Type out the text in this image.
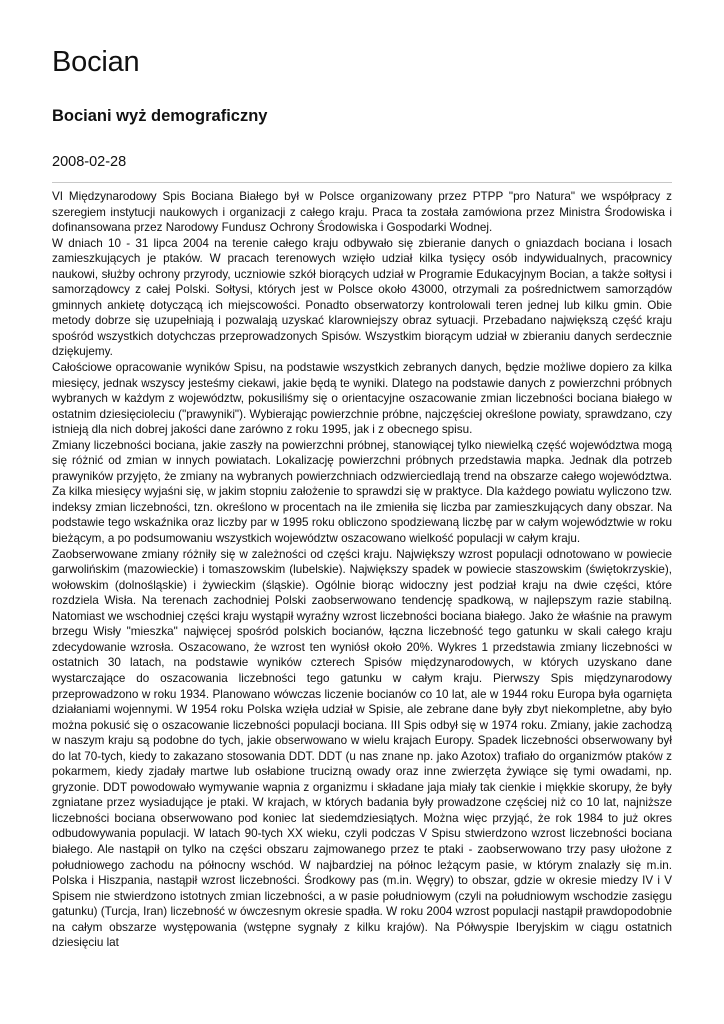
Bocian
Bociani wyż demograficzny
2008-02-28

VI Międzynarodowy Spis Bociana Białego był w Polsce organizowany przez PTPP "pro Natura" we współpracy z szeregiem instytucji naukowych i organizacji z całego kraju. Praca ta została zamówiona przez Ministra Środowiska i dofinansowana przez Narodowy Fundusz Ochrony Środowiska i Gospodarki Wodnej.

W dniach 10 - 31 lipca 2004 na terenie całego kraju odbywało się zbieranie danych o gniazdach bociana i losach zamieszkujących je ptaków. W pracach terenowych wzięło udział kilka tysięcy osób indywidualnych, pracownicy naukowi, służby ochrony przyrody, uczniowie szkół biorących udział w Programie Edukacyjnym Bocian, a także sołtysi i samorządowcy z całej Polski. Sołtysi, których jest w Polsce około 43000, otrzymali za pośrednictwem samorządów gminnych ankietę dotyczącą ich miejscowości. Ponadto obserwatorzy kontrolowali teren jednej lub kilku gmin. Obie metody dobrze się uzupełniają i pozwalają uzyskać klarowniejszy obraz sytuacji. Przebadano największą część kraju spośród wszystkich dotychczas przeprowadzonych Spisów. Wszystkim biorącym udział w zbieraniu danych serdecznie dziękujemy.

Całościowe opracowanie wyników Spisu, na podstawie wszystkich zebranych danych, będzie możliwe dopiero za kilka miesięcy, jednak wszyscy jesteśmy ciekawi, jakie będą te wyniki. Dlatego na podstawie danych z powierzchni próbnych wybranych w każdym z województw, pokusiliśmy się o orientacyjne oszacowanie zmian liczebności bociana białego w ostatnim dziesięcioleciu ("prawyniki"). Wybierając powierzchnie próbne, najczęściej określone powiaty, sprawdzano, czy istnieją dla nich dobrej jakości dane zarówno z roku 1995, jak i z obecnego spisu.

Zmiany liczebności bociana, jakie zaszły na powierzchni próbnej, stanowiącej tylko niewielką część województwa mogą się różnić od zmian w innych powiatach. Lokalizację powierzchni próbnych przedstawia mapka. Jednak dla potrzeb prawyników przyjęto, że zmiany na wybranych powierzchniach odzwierciedlają trend na obszarze całego województwa. Za kilka miesięcy wyjaśni się, w jakim stopniu założenie to sprawdzi się w praktyce. Dla każdego powiatu wyliczono tzw. indeksy zmian liczebności, tzn. określono w procentach na ile zmieniła się liczba par zamieszkujących dany obszar. Na podstawie tego wskaźnika oraz liczby par w 1995 roku obliczono spodziewaną liczbę par w całym województwie w roku bieżącym, a po podsumowaniu wszystkich województw oszacowano wielkość populacji w całym kraju.

Zaobserwowane zmiany różniły się w zależności od części kraju. Największy wzrost populacji odnotowano w powiecie garwolińskim (mazowieckie) i tomaszowskim (lubelskie). Największy spadek w powiecie staszowskim (świętokrzyskie), wołowskim (dolnośląskie) i żywieckim (śląskie). Ogólnie biorąc widoczny jest podział kraju na dwie części, które rozdziela Wisła. Na terenach zachodniej Polski zaobserwowano tendencję spadkową, w najlepszym razie stabilną. Natomiast we wschodniej części kraju wystąpił wyraźny wzrost liczebności bociana białego. Jako że właśnie na prawym brzegu Wisły "mieszka" najwięcej spośród polskich bocianów, łączna liczebność tego gatunku w skali całego kraju zdecydowanie wzrosła. Oszacowano, że wzrost ten wyniósł około 20%. Wykres 1 przedstawia zmiany liczebności w ostatnich 30 latach, na podstawie wyników czterech Spisów międzynarodowych, w których uzyskano dane wystarczające do oszacowania liczebności tego gatunku w całym kraju. Pierwszy Spis międzynarodowy przeprowadzono w roku 1934. Planowano wówczas liczenie bocianów co 10 lat, ale w 1944 roku Europa była ogarnięta działaniami wojennymi. W 1954 roku Polska wzięła udział w Spisie, ale zebrane dane były zbyt niekompletne, aby było można pokusić się o oszacowanie liczebności populacji bociana. III Spis odbył się w 1974 roku. Zmiany, jakie zachodzą w naszym kraju są podobne do tych, jakie obserwowano w wielu krajach Europy. Spadek liczebności obserwowany był do lat 70-tych, kiedy to zakazano stosowania DDT. DDT (u nas znane np. jako Azotox) trafiało do organizmów ptaków z pokarmem, kiedy zjadały martwe lub osłabione trucizną owady oraz inne zwierzęta żywiące się tymi owadami, np. gryzonie. DDT powodowało wymywanie wapnia z organizmu i składane jaja miały tak cienkie i miękkie skorupy, że były zgniatane przez wysiadujące je ptaki. W krajach, w których badania były prowadzone częściej niż co 10 lat, najniższe liczebności bociana obserwowano pod koniec lat siedemdziesiątych. Można więc przyjąć, że rok 1984 to już okres odbudowywania populacji. W latach 90-tych XX wieku, czyli podczas V Spisu stwierdzono wzrost liczebności bociana białego. Ale nastąpił on tylko na części obszaru zajmowanego przez te ptaki - zaobserwowano trzy pasy ułożone z południowego zachodu na północny wschód. W najbardziej na północ leżącym pasie, w którym znalazły się m.in. Polska i Hiszpania, nastąpił wzrost liczebności. Środkowy pas (m.in. Węgry) to obszar, gdzie w okresie miedzy IV i V Spisem nie stwierdzono istotnych zmian liczebności, a w pasie południowym (czyli na południowym wschodzie zasięgu gatunku) (Turcja, Iran) liczebność w ówczesnym okresie spadła. W roku 2004 wzrost populacji nastąpił prawdopodobnie na całym obszarze występowania (wstępne sygnały z kilku krajów). Na Półwyspie Iberyjskim w ciągu ostatnich dziesięciu lat
